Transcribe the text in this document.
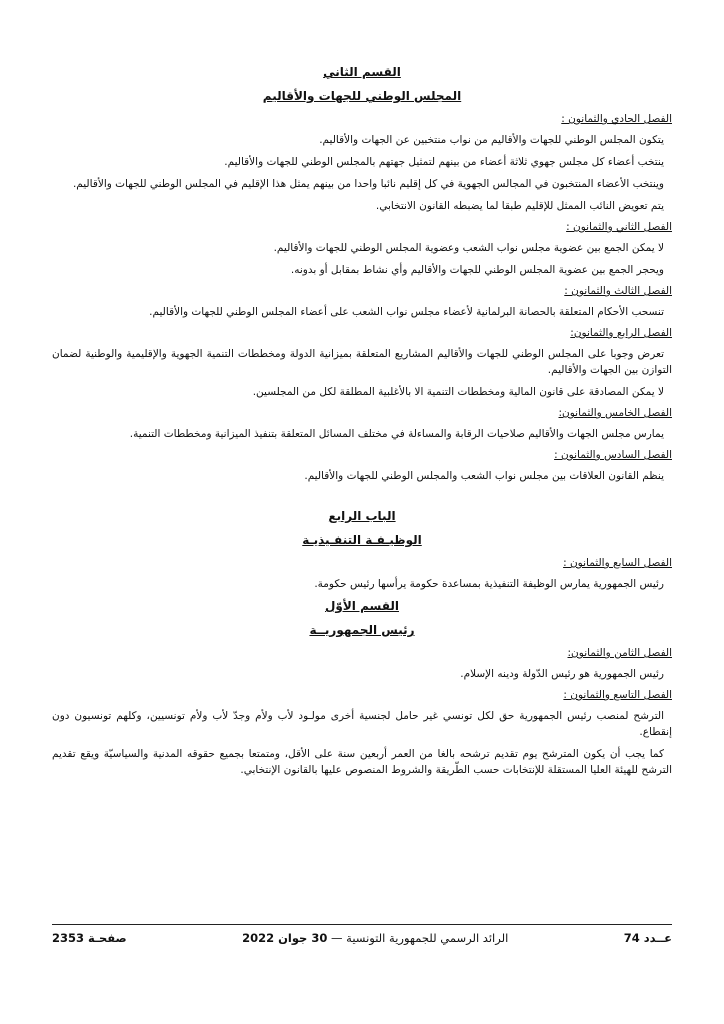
القسم الثاني
المجلس الوطني للجهات والأقاليم
الفصل الحادي والثمانون :

يتكون المجلس الوطني للجهات والأقاليم من نواب منتخبين عن الجهات والأقاليم.

ينتخب أعضاء كل مجلس جهوي ثلاثة أعضاء من بينهم لتمثيل جهتهم بالمجلس الوطني للجهات والأقاليم.

وينتخب الأعضاء المنتخبون في المجالس الجهوية في كل إقليم نائبا واحدا من بينهم يمثل هذا الإقليم في المجلس الوطني للجهات والأقاليم.

يتم تعويض النائب الممثل للإقليم طبقا لما يضبطه القانون الانتخابي.

الفصل الثاني والثمانون :

لا يمكن الجمع بين عضوية مجلس نواب الشعب وعضوية المجلس الوطني للجهات والأقاليم.

ويحجر الجمع بين عضوية المجلس الوطني للجهات والأقاليم وأي نشاط بمقابل أو بدونه.

الفصل الثالث والثمانون :

تنسحب الأحكام المتعلقة بالحصانة البرلمانية لأعضاء مجلس نواب الشعب على أعضاء المجلس الوطني للجهات والأقاليم.

الفصل الرابع والثمانون:

تعرض وجوبا على المجلس الوطني للجهات والأقاليم المشاريع المتعلقة بميزانية الدولة ومخططات التنمية الجهوية والإقليمية والوطنية لضمان التوازن بين الجهات والأقاليم.

لا يمكن المصادقة على قانون المالية ومخططات التنمية الا بالأغلبية المطلقة لكل من المجلسين.

الفصل الخامس والثمانون:

يمارس مجلس الجهات والأقاليم صلاحيات الرقابة والمساءلة في مختلف المسائل المتعلقة بتنفيذ الميزانية ومخططات التنمية.

الفصل السادس والثمانون :

ينظم القانون العلاقات بين مجلس نواب الشعب والمجلس الوطني للجهات والأقاليم.

الباب الرابع
الوظيـفـة التنفـيذيـة
الفصل السابع والثمانون :

رئيس الجمهورية يمارس الوظيفة التنفيذية بمساعدة حكومة يرأسها رئيس حكومة.

القسم الأوّل
رئيس الجمهوريــة
الفصل الثامن والثمانون:

رئيس الجمهورية هو رئيس الدّولة ودينه الإسلام.

الفصل التاسع والثمانون :

الترشح لمنصب رئيس الجمهورية حق لكل تونسي غير حامل لجنسية أخرى مولـود لأب ولأم وجدّ لأب ولأم تونسيين، وكلهم تونسيون دون إنقطاع.

كما يجب أن يكون المترشح يوم تقديم ترشحه بالغا من العمر أربعين سنة على الأقل، ومتمتعا بجميع حقوقه المدنية والسياسيّة ويقع تقديم الترشح للهيئة العليا المستقلة للإنتخابات حسب الطّريقة والشروط المنصوص عليها بالقانون الإنتخابي.

عــدد 74
الرائد الرسمي للجمهورية التونسية — 30 جوان 2022
صفحـة 2353
